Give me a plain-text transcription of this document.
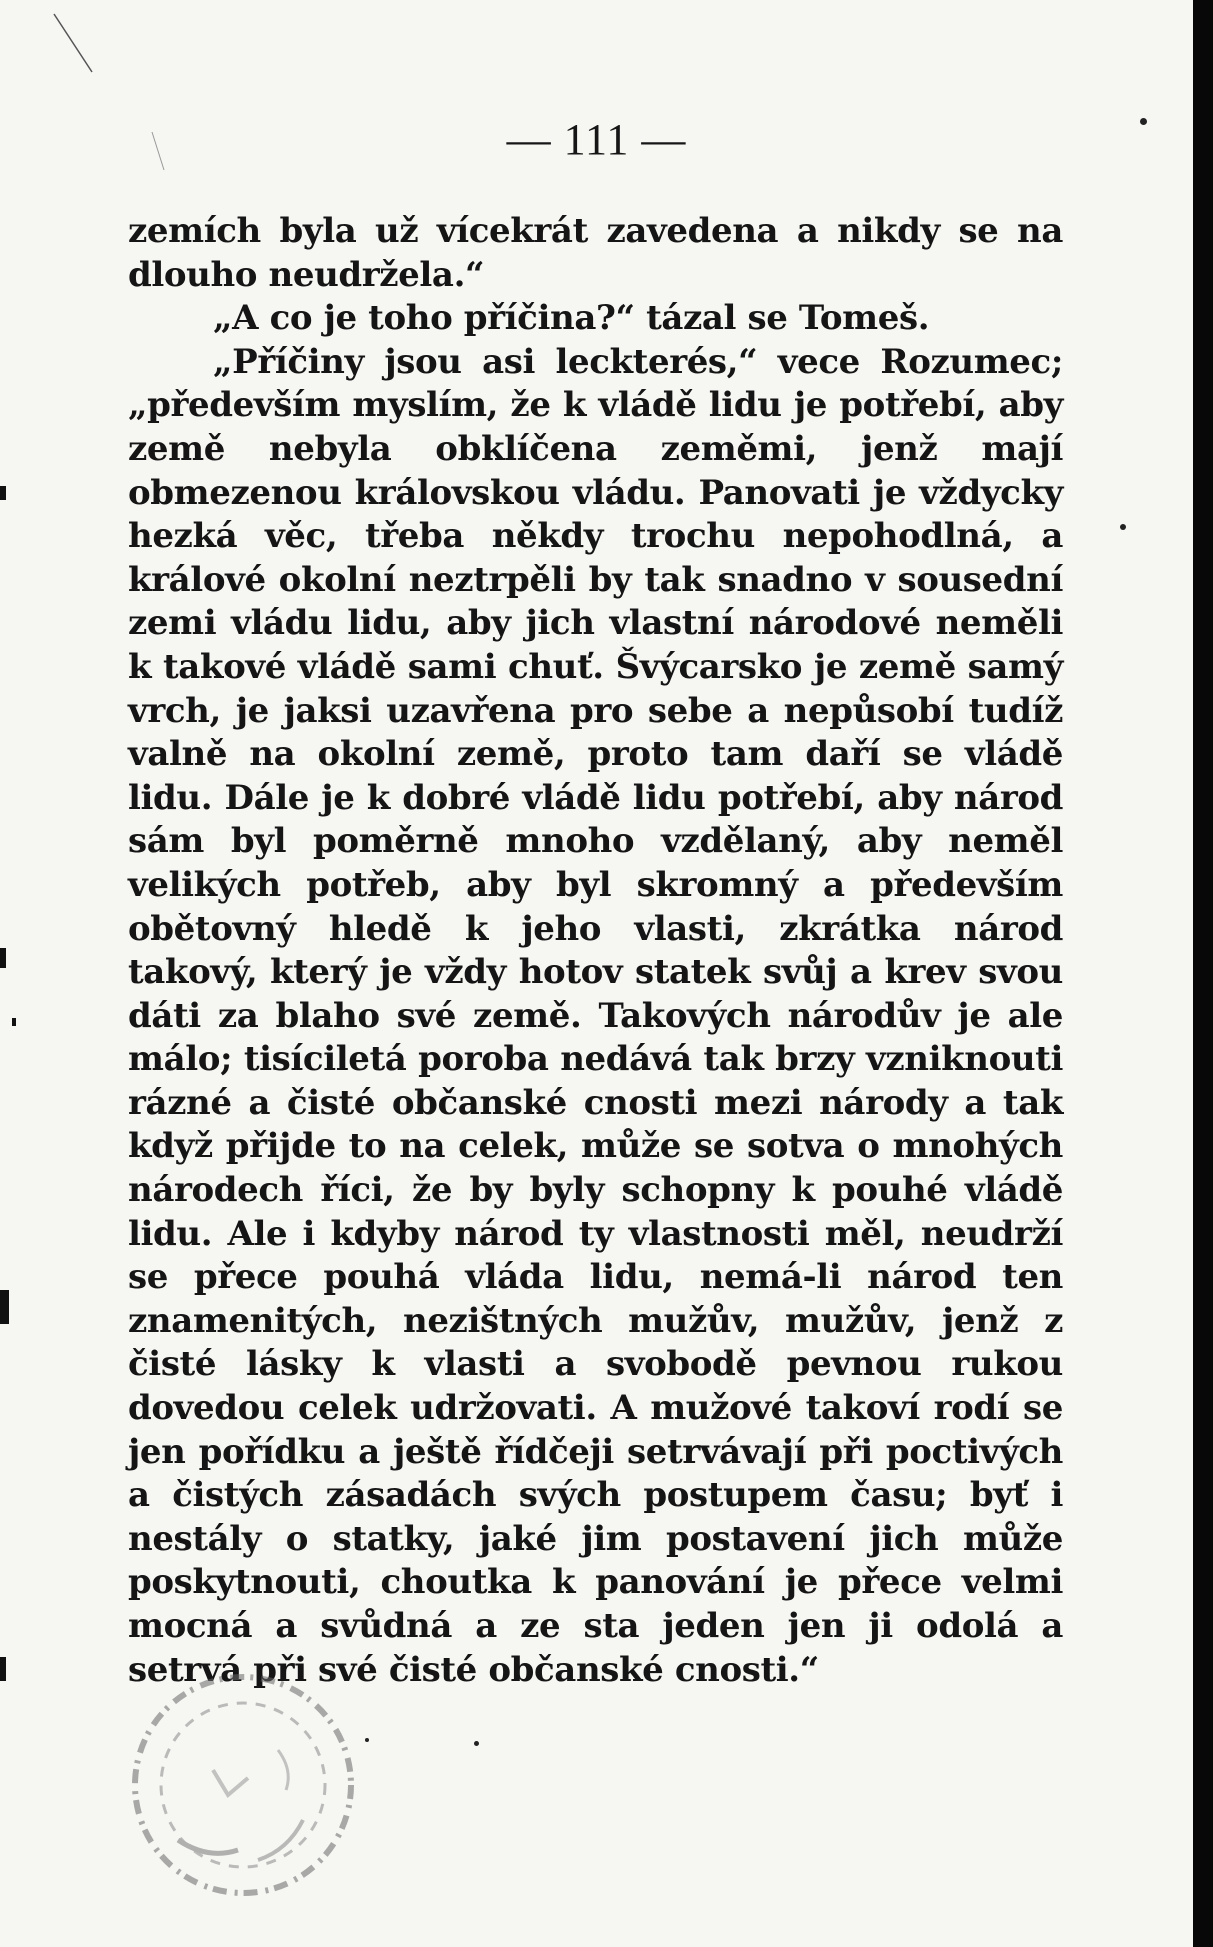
— 111 —

zemích byla už vícekrát zavedena a nikdy se na dlouho neudržela.“

„A co je toho příčina?“ tázal se Tomeš.

„Příčiny jsou asi leckterés,“ vece Rozumec; „především myslím, že k vládě lidu je potřebí, aby země nebyla obklíčena zeměmi, jenž mají obmezenou královskou vládu. Panovati je vždycky hezká věc, třeba někdy trochu nepohodlná, a králové okolní neztrpěli by tak snadno v sousední zemi vládu lidu, aby jich vlastní národové neměli k takové vládě sami chuť. Švýcarsko je země samý vrch, je jaksi uzavřena pro sebe a nepůsobí tudíž valně na okolní země, proto tam daří se vládě lidu. Dále je k dobré vládě lidu potřebí, aby národ sám byl poměrně mnoho vzdělaný, aby neměl velikých potřeb, aby byl skromný a především obětovný hledě k jeho vlasti, zkrátka národ takový, který je vždy hotov statek svůj a krev svou dáti za blaho své země. Takových národův je ale málo; tisíciletá poroba nedává tak brzy vzniknouti rázné a čisté občanské cnosti mezi národy a tak když přijde to na celek, může se sotva o mnohých národech říci, že by byly schopny k pouhé vládě lidu. Ale i kdyby národ ty vlastnosti měl, neudrží se přece pouhá vláda lidu, nemá-li národ ten znamenitých, nezištných mužův, mužův, jenž z čisté lásky k vlasti a svobodě pevnou rukou dovedou celek udržovati. A mužové takoví rodí se jen pořídku a ještě řídčeji setrvávají při poctivých a čistých zásadách svých postupem času; byť i nestály o statky, jaké jim postavení jich může poskytnouti, choutka k panování je přece velmi mocná a svůdná a ze sta jeden jen ji odolá a setrvá při své čisté občanské cnosti.“
